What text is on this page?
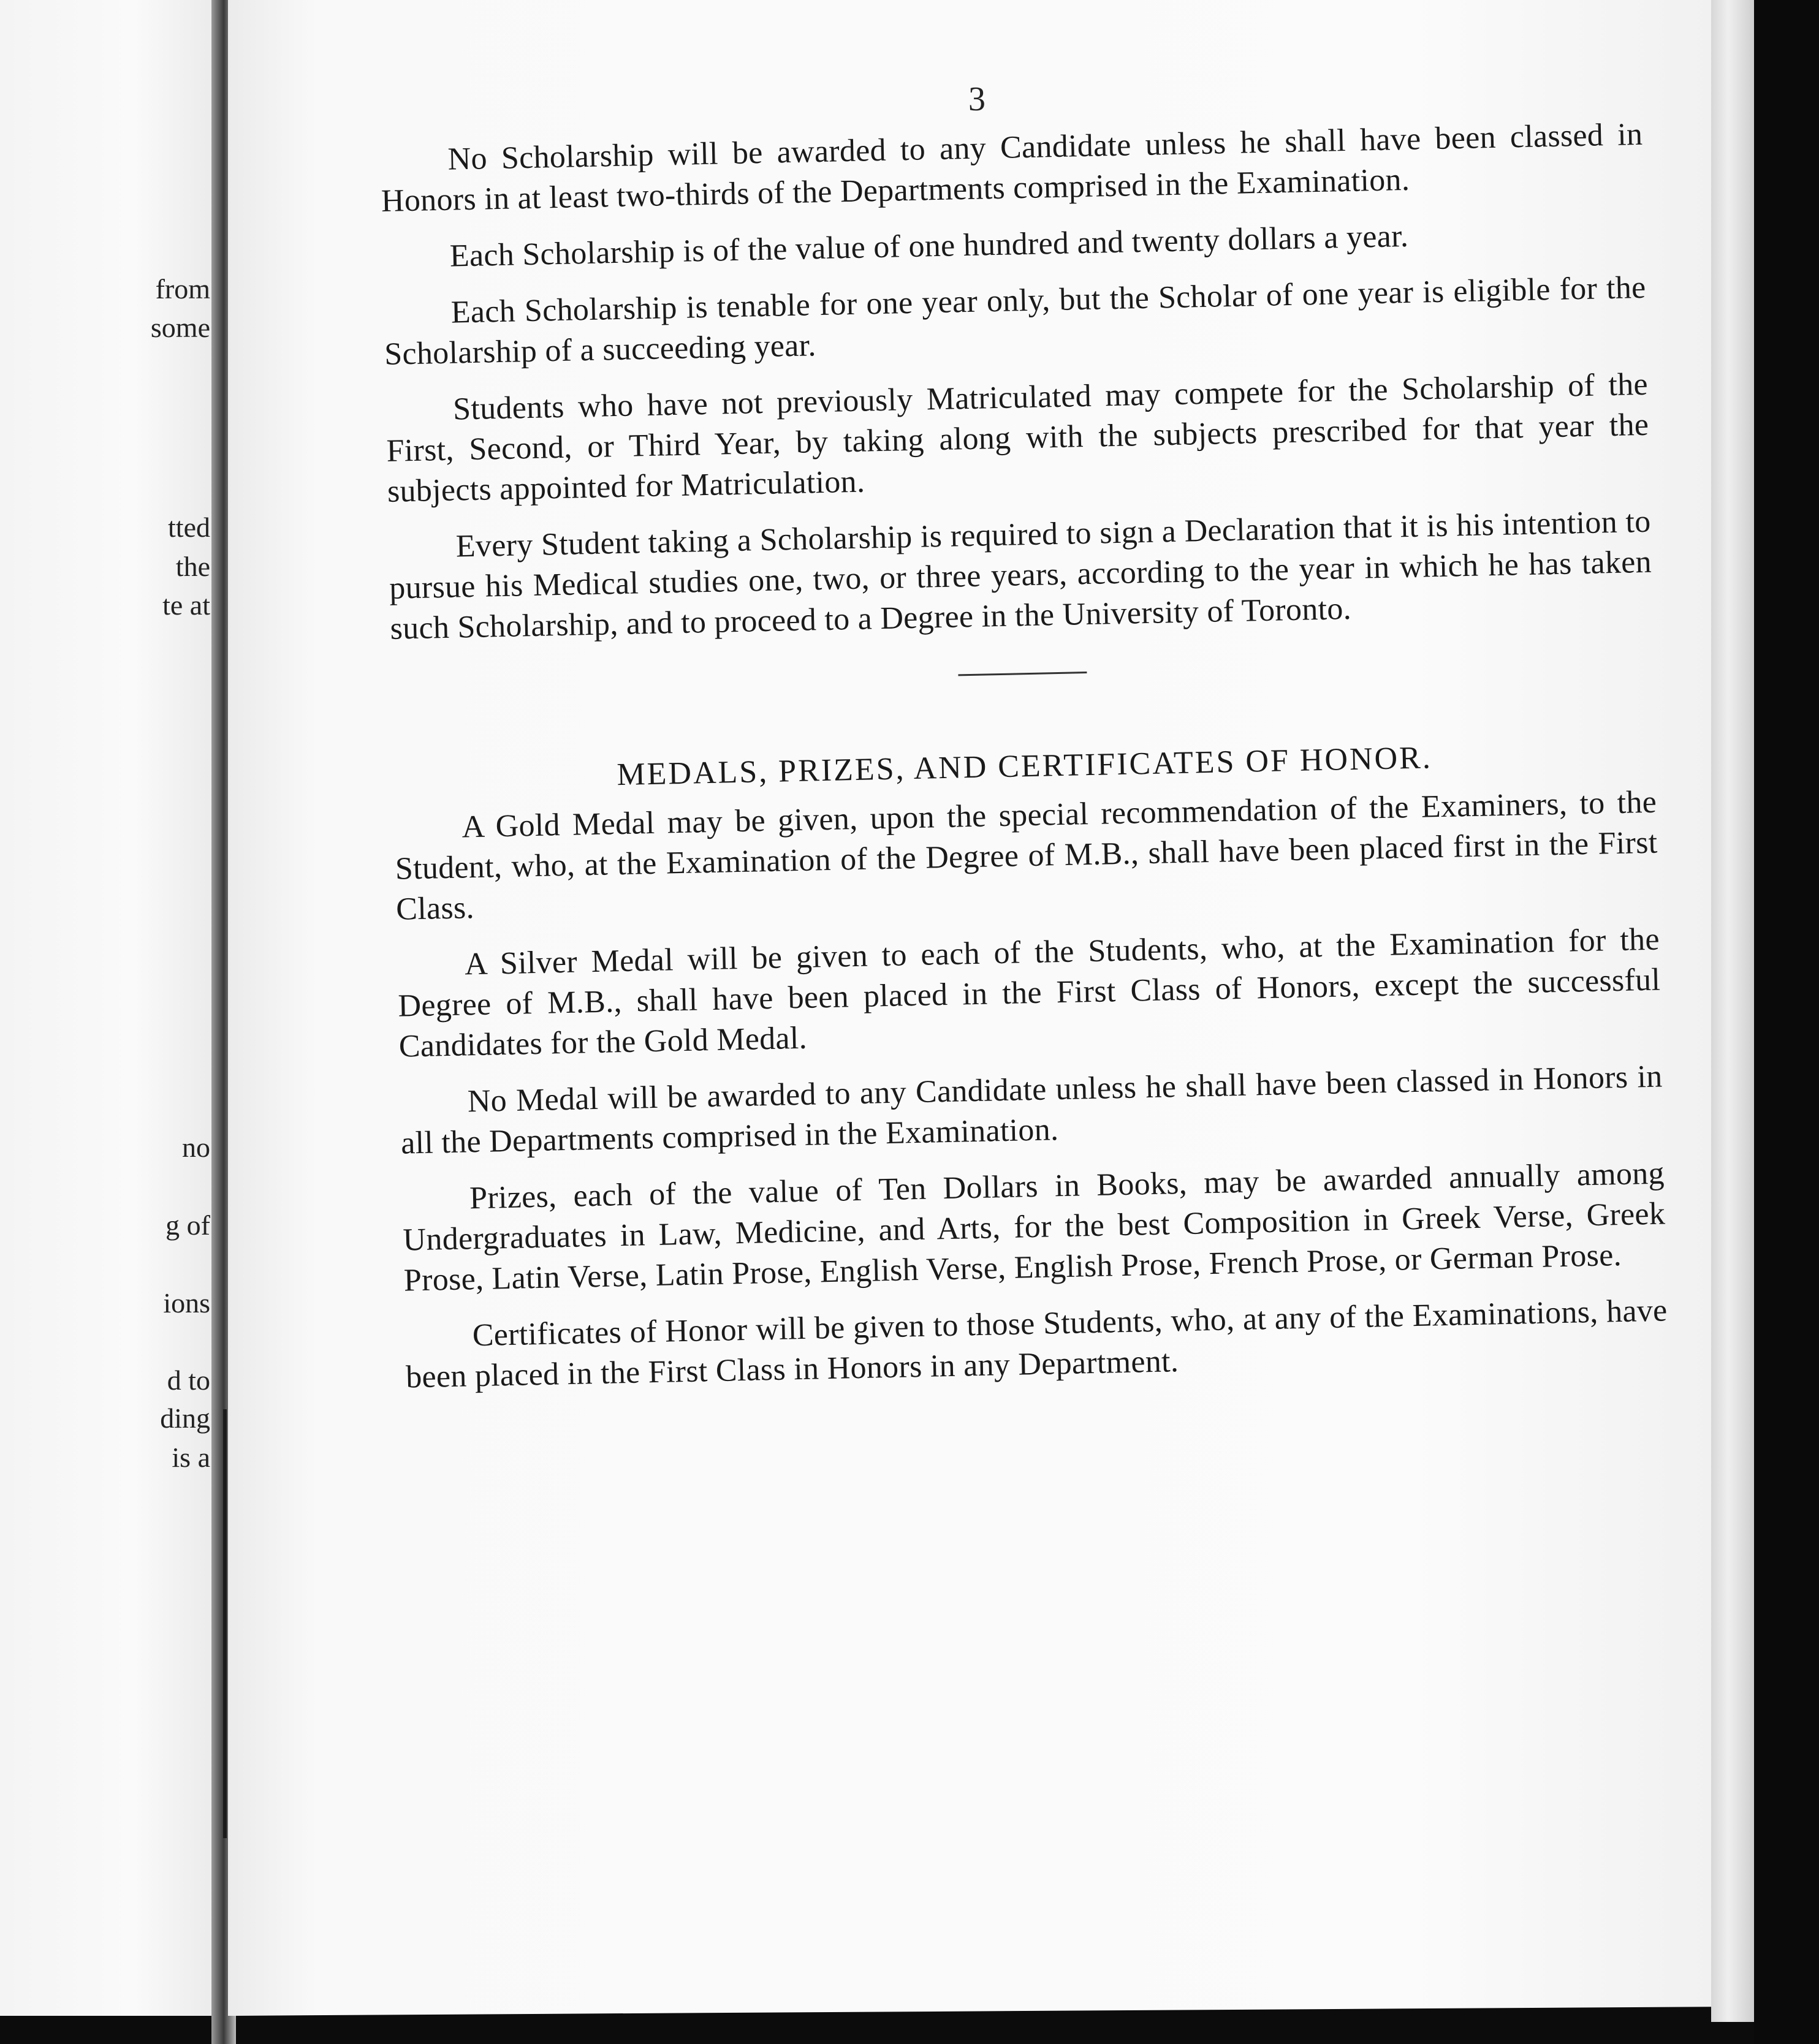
from
some
tted
the
te at
no
g of
ions
d to
ding
is a
3

No Scholarship will be awarded to any Candidate unless he shall have been classed in Honors in at least two-thirds of the Departments comprised in the Examination.

Each Scholarship is of the value of one hundred and twenty dollars a year.

Each Scholarship is tenable for one year only, but the Scholar of one year is eligible for the Scholarship of a succeeding year.

Students who have not previously Matriculated may compete for the Scholarship of the First, Second, or Third Year, by taking along with the subjects prescribed for that year the subjects appointed for Matriculation.

Every Student taking a Scholarship is required to sign a Declaration that it is his intention to pursue his Medical studies one, two, or three years, according to the year in which he has taken such Scholarship, and to proceed to a Degree in the University of Toronto.

MEDALS, PRIZES, AND CERTIFICATES OF HONOR.

A Gold Medal may be given, upon the special recommendation of the Examiners, to the Student, who, at the Examination of the Degree of M.B., shall have been placed first in the First Class.

A Silver Medal will be given to each of the Students, who, at the Examination for the Degree of M.B., shall have been placed in the First Class of Honors, except the successful Candidates for the Gold Medal.

No Medal will be awarded to any Candidate unless he shall have been classed in Honors in all the Departments comprised in the Examination.

Prizes, each of the value of Ten Dollars in Books, may be awarded annually among Undergraduates in Law, Medicine, and Arts, for the best Composition in Greek Verse, Greek Prose, Latin Verse, Latin Prose, English Verse, English Prose, French Prose, or German Prose.

Certificates of Honor will be given to those Students, who, at any of the Examinations, have been placed in the First Class in Honors in any Department.
